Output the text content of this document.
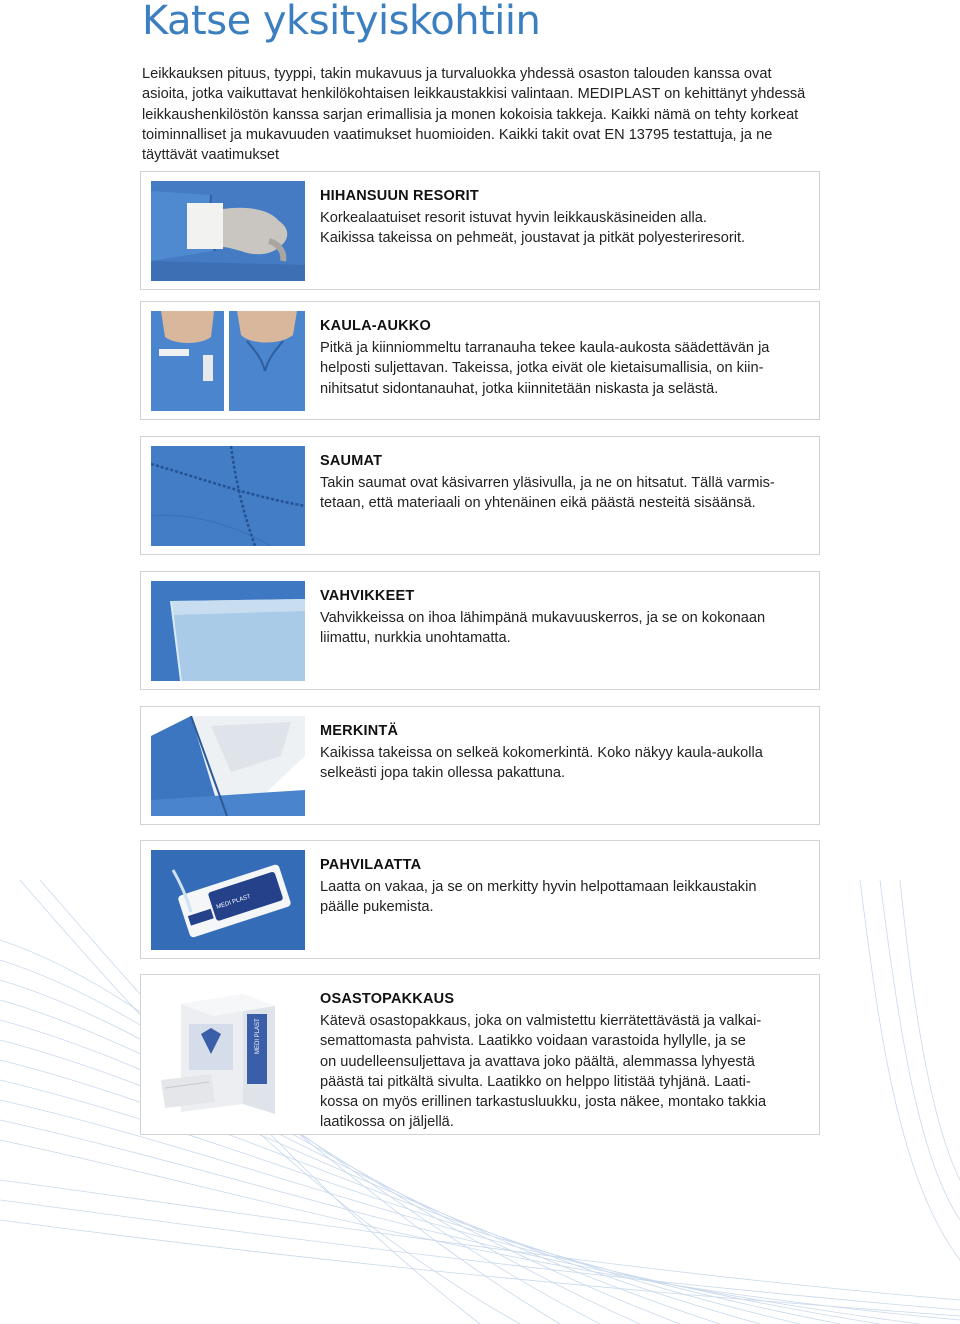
Katse yksityiskohtiin

Leikkauksen pituus, tyyppi, takin mukavuus ja turvaluokka yhdessä osaston talouden kanssa ovat
asioita, jotka vaikuttavat henkilökohtaisen leikkaustakkisi valintaan. MEDIPLAST on kehittänyt yhdessä
leikkaushenkilöstön kanssa sarjan erimallisia ja monen kokoisia takkeja. Kaikki nämä on tehty korkeat
toiminnalliset ja mukavuuden vaatimukset huomioiden. Kaikki takit ovat EN 13795 testattuja, ja ne
täyttävät vaatimukset

HIHANSUUN RESORIT

Korkealaatuiset resorit istuvat hyvin leikkauskäsineiden alla.
Kaikissa takeissa on pehmeät, joustavat ja pitkät polyesteriresorit.

KAULA-AUKKO

Pitkä ja kiinniommeltu tarranauha tekee kaula-aukosta säädettävän ja
helposti suljettavan. Takeissa, jotka eivät ole kietaisumallisia, on kiin-
nihitsatut sidontanauhat, jotka kiinnitetään niskasta ja selästä.

SAUMAT

Takin saumat ovat käsivarren yläsivulla, ja ne on hitsatut. Tällä varmis-
tetaan, että materiaali on yhtenäinen eikä päästä nesteitä sisäänsä.

VAHVIKKEET

Vahvikkeissa on ihoa lähimpänä mukavuuskerros, ja se on kokonaan
liimattu, nurkkia unohtamatta.

MERKINTÄ

Kaikissa takeissa on selkeä kokomerkintä. Koko näkyy kaula-aukolla
selkeästi jopa takin ollessa pakattuna.

MEDI PLAST
PAHVILAATTA

Laatta on vakaa, ja se on merkitty hyvin helpottamaan leikkaustakin
päälle pukemista.

MEDI PLAST
OSASTOPAKKAUS

Kätevä osastopakkaus, joka on valmistettu kierrätettävästä ja valkai-
semattomasta pahvista. Laatikko voidaan varastoida hyllylle, ja se
on uudelleensuljettava ja avattava joko päältä, alemmassa lyhyestä
päästä tai pitkältä sivulta. Laatikko on helppo litistää tyhjänä. Laati-
kossa on myös erillinen tarkastusluukku, josta näkee, montako takkia
laatikossa on jäljellä.
